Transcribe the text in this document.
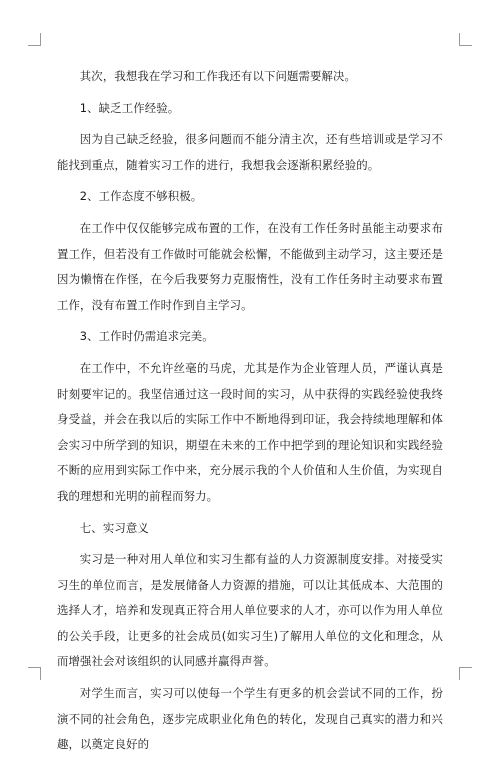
其次，我想我在学习和工作我还有以下问题需要解决。

1、缺乏工作经验。

因为自己缺乏经验，很多问题而不能分清主次，还有些培训或是学习不能找到重点，随着实习工作的进行，我想我会逐渐积累经验的。

2、工作态度不够积极。

在工作中仅仅能够完成布置的工作，在没有工作任务时虽能主动要求布置工作，但若没有工作做时可能就会松懈，不能做到主动学习，这主要还是因为懒惰在作怪，在今后我要努力克服惰性，没有工作任务时主动要求布置工作，没有布置工作时作到自主学习。

3、工作时仍需追求完美。

在工作中，不允许丝毫的马虎，尤其是作为企业管理人员，严谨认真是时刻要牢记的。我坚信通过这一段时间的实习，从中获得的实践经验使我终身受益，并会在我以后的实际工作中不断地得到印证，我会持续地理解和体会实习中所学到的知识，期望在未来的工作中把学到的理论知识和实践经验不断的应用到实际工作中来，充分展示我的个人价值和人生价值，为实现自我的理想和光明的前程而努力。

七、实习意义

实习是一种对用人单位和实习生都有益的人力资源制度安排。对接受实习生的单位而言，是发展储备人力资源的措施，可以让其低成本、大范围的选择人才，培养和发现真正符合用人单位要求的人才，亦可以作为用人单位的公关手段，让更多的社会成员(如实习生)了解用人单位的文化和理念，从而增强社会对该组织的认同感并赢得声誉。

对学生而言，实习可以使每一个学生有更多的机会尝试不同的工作，扮演不同的社会角色，逐步完成职业化角色的转化，发现自己真实的潜力和兴趣，以奠定良好的
